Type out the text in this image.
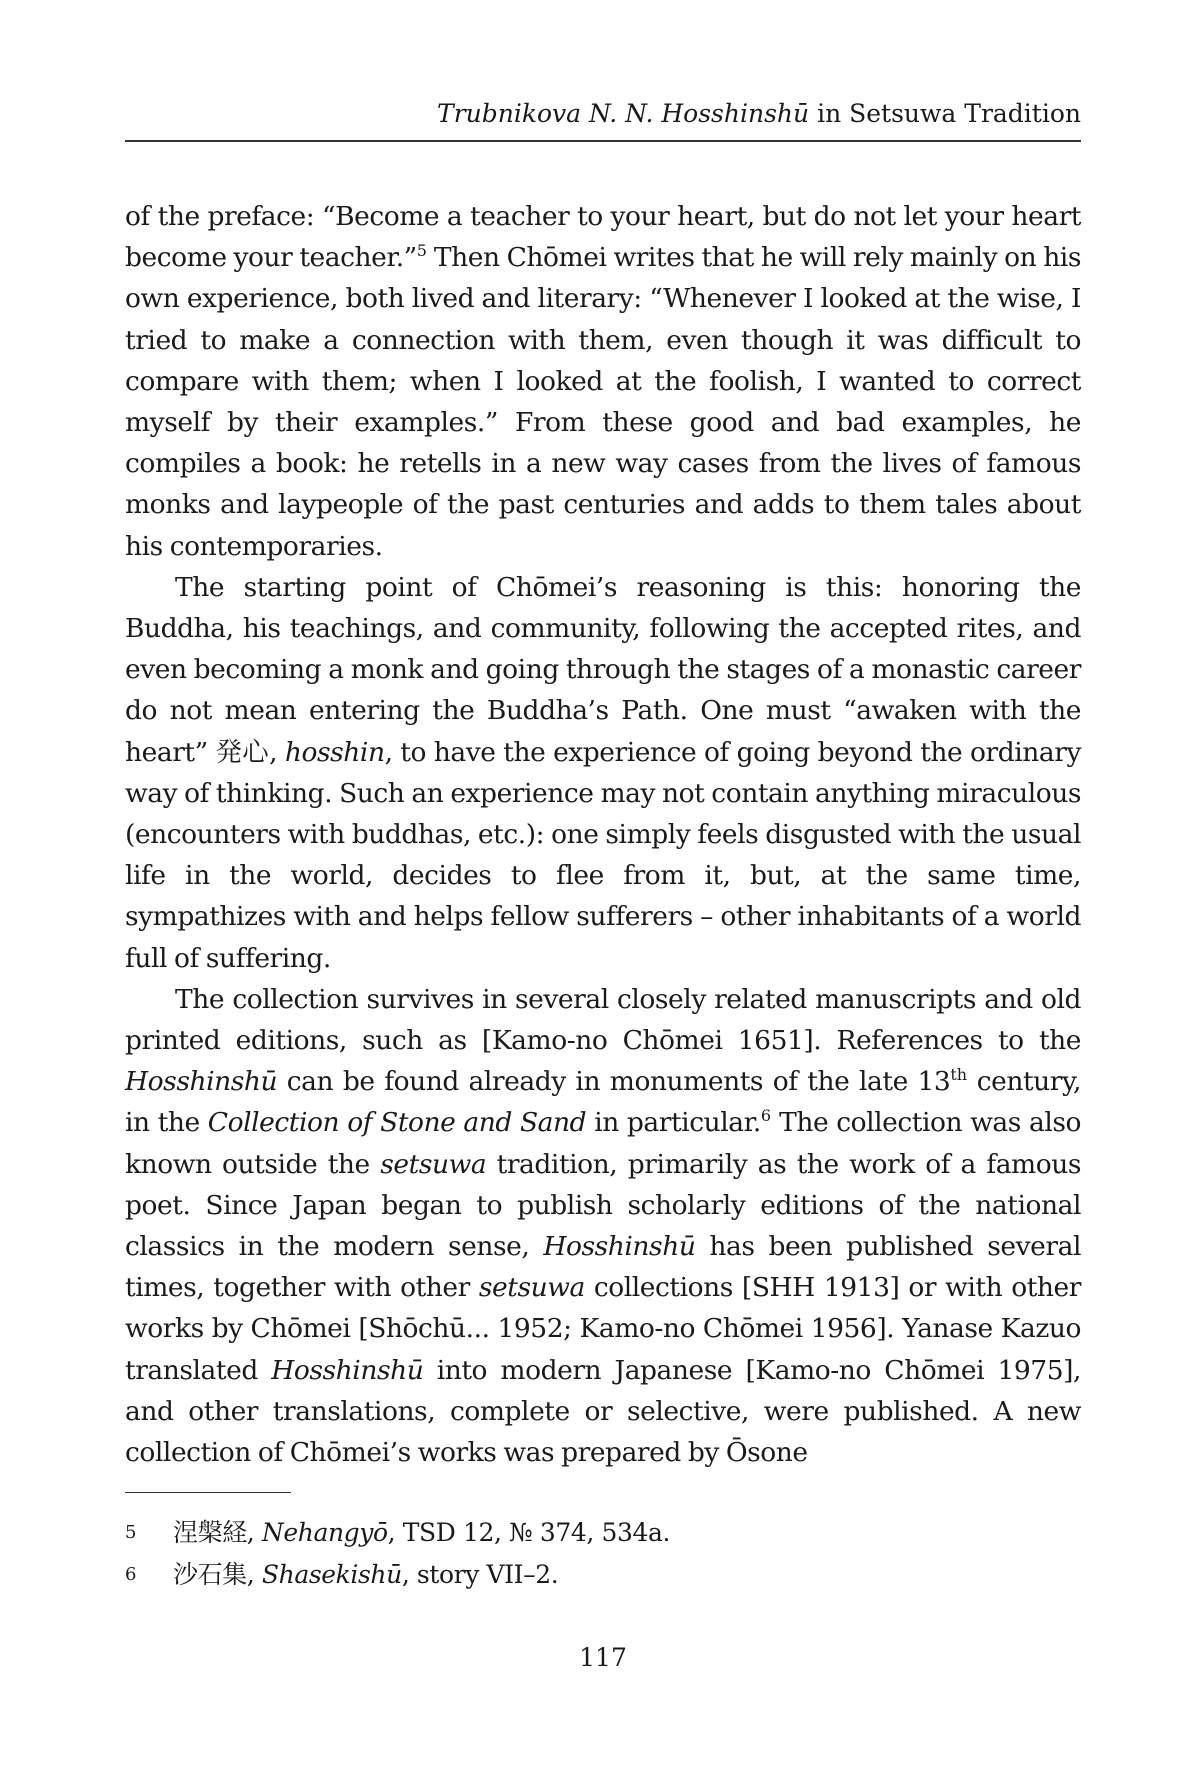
Trubnikova N. N. Hosshinshū in Setsuwa Tradition

of the preface: “Become a teacher to your heart, but do not let your heart become your teacher.”$^5$ Then Chōmei writes that he will rely mainly on his own experience, both lived and literary: “Whenever I looked at the wise, I tried to make a connection with them, even though it was difficult to compare with them; when I looked at the foolish, I wanted to correct myself by their examples.” From these good and bad examples, he compiles a book: he retells in a new way cases from the lives of famous monks and laypeople of the past centuries and adds to them tales about his contemporaries.

The starting point of Chōmei’s reasoning is this: honoring the Buddha, his teachings, and community, following the accepted rites, and even becoming a monk and going through the stages of a monastic career do not mean entering the Buddha’s Path. One must “awaken with the heart” 発心, hosshin, to have the experience of going beyond the ordinary way of thinking. Such an experience may not contain anything miraculous (encounters with buddhas, etc.): one simply feels disgusted with the usual life in the world, decides to flee from it, but, at the same time, sympathizes with and helps fellow sufferers – other inhabitants of a world full of suffering.

The collection survives in several closely related manuscripts and old printed editions, such as [Kamo-no Chōmei 1651]. References to the Hosshinshū can be found already in monuments of the late 13th century, in the Collection of Stone and Sand in particular.$^6$ The collection was also known outside the setsuwa tradition, primarily as the work of a famous poet. Since Japan began to publish scholarly editions of the national classics in the modern sense, Hosshinshū has been published several times, together with other setsuwa collections [SHH 1913] or with other works by Chōmei [Shōchū... 1952; Kamo-no Chōmei 1956]. Yanase Kazuo translated Hosshinshū into modern Japanese [Kamo-no Chōmei 1975], and other translations, complete or selective, were published. A new collection of Chōmei’s works was prepared by Ōsone

5 涅槃経, Nehangyō, TSD 12, № 374, 534a.
6 沙石集, Shasekishū, story VII–2.
117
